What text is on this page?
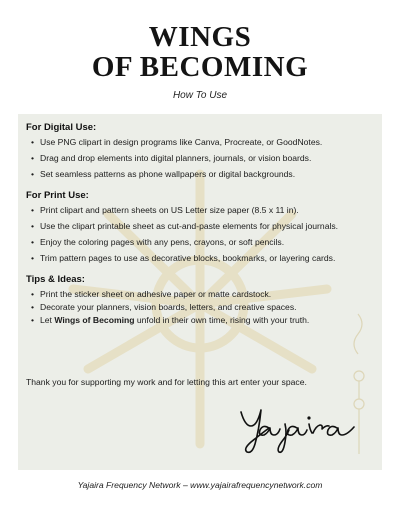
WINGS
OF BECOMING
How To Use
For Digital Use:
• Use PNG clipart in design programs like Canva, Procreate, or GoodNotes.
• Drag and drop elements into digital planners, journals, or vision boards.
• Set seamless patterns as phone wallpapers or digital backgrounds.
For Print Use:
• Print clipart and pattern sheets on US Letter size paper (8.5 x 11 in).
• Use the clipart printable sheet as cut-and-paste elements for physical journals.
• Enjoy the coloring pages with any pens, crayons, or soft pencils.
• Trim pattern pages to use as decorative blocks, bookmarks, or layering cards.
Tips & Ideas:
• Print the sticker sheet on adhesive paper or matte cardstock.
• Decorate your planners, vision boards, letters, and creative spaces.
• Let Wings of Becoming unfold in their own time, rising with your truth.
Thank you for supporting my work and for letting this art enter your space.
Yajaira Frequency Network – www.yajairafrequencynetwork.com
